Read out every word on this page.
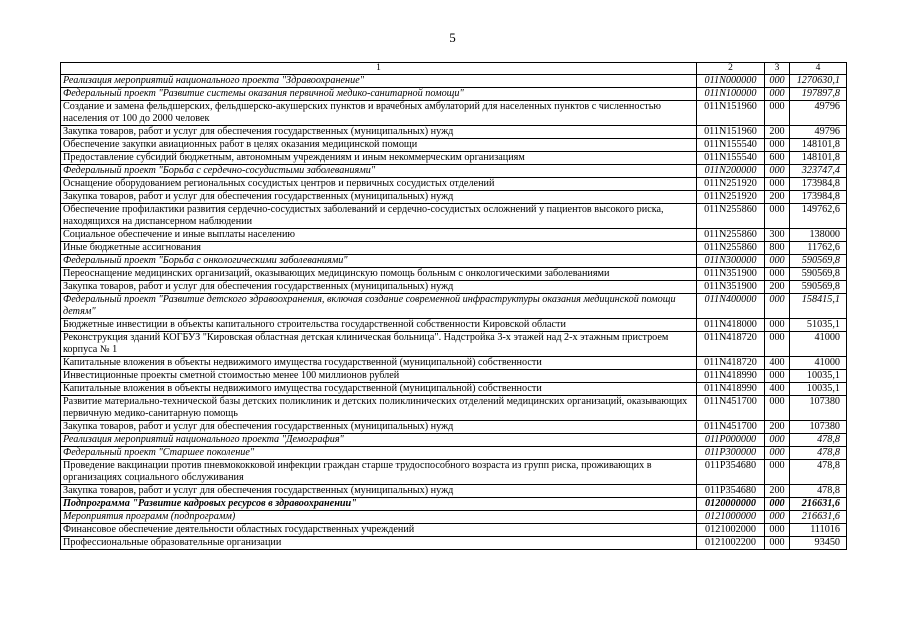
5
1	2	3	4
Реализация мероприятий национального проекта "Здравоохранение"	011N000000	000	1270630,1
Федеральный проект "Развитие системы оказания первичной медико-санитарной помощи"	011N100000	000	197897,8
Создание и замена фельдшерских, фельдшерско-акушерских пунктов и врачебных амбулаторий для населенных пунктов с численностью населения от 100 до 2000 человек	011N151960	000	49796
Закупка товаров, работ и услуг для обеспечения государственных (муниципальных) нужд	011N151960	200	49796
Обеспечение закупки авиационных работ в целях оказания медицинской помощи	011N155540	000	148101,8
Предоставление субсидий бюджетным, автономным учреждениям и иным некоммерческим организациям	011N155540	600	148101,8
Федеральный проект "Борьба с сердечно-сосудистыми заболеваниями"	011N200000	000	323747,4
Оснащение оборудованием региональных сосудистых центров и первичных сосудистых отделений	011N251920	000	173984,8
Закупка товаров, работ и услуг для обеспечения государственных (муниципальных) нужд	011N251920	200	173984,8
Обеспечение профилактики развития сердечно-сосудистых заболеваний и сердечно-сосудистых осложнений у пациентов высокого риска, находящихся на диспансерном наблюдении	011N255860	000	149762,6
Социальное обеспечение и иные выплаты населению	011N255860	300	138000
Иные бюджетные ассигнования	011N255860	800	11762,6
Федеральный проект "Борьба с онкологическими заболеваниями"	011N300000	000	590569,8
Переоснащение медицинских организаций, оказывающих медицинскую помощь больным с онкологическими заболеваниями	011N351900	000	590569,8
Закупка товаров, работ и услуг для обеспечения государственных (муниципальных) нужд	011N351900	200	590569,8
Федеральный проект "Развитие детского здравоохранения, включая создание современной инфраструктуры оказания медицинской помощи детям"	011N400000	000	158415,1
Бюджетные инвестиции в объекты капитального строительства государственной собственности Кировской области	011N418000	000	51035,1
Реконструкция зданий КОГБУЗ "Кировская областная детская клиническая больница". Надстройка 3-х этажей над 2-х этажным пристроем корпуса № 1	011N418720	000	41000
Капитальные вложения в объекты недвижимого имущества государственной (муниципальной) собственности	011N418720	400	41000
Инвестиционные проекты сметной стоимостью менее 100 миллионов рублей	011N418990	000	10035,1
Капитальные вложения в объекты недвижимого имущества государственной (муниципальной) собственности	011N418990	400	10035,1
Развитие материально-технической базы детских поликлиник и детских поликлинических отделений медицинских организаций, оказывающих первичную медико-санитарную помощь	011N451700	000	107380
Закупка товаров, работ и услуг для обеспечения государственных (муниципальных) нужд	011N451700	200	107380
Реализация мероприятий национального проекта "Демография"	011P000000	000	478,8
Федеральный проект "Старшее поколение"	011P300000	000	478,8
Проведение вакцинации против пневмококковой инфекции граждан старше трудоспособного возраста из групп риска, проживающих в организациях социального обслуживания	011P354680	000	478,8
Закупка товаров, работ и услуг для обеспечения государственных (муниципальных) нужд	011P354680	200	478,8
Подпрограмма "Развитие кадровых ресурсов в здравоохранении"	0120000000	000	216631,6
Мероприятия программ (подпрограмм)	0121000000	000	216631,6
Финансовое обеспечение деятельности областных государственных учреждений	0121002000	000	111016
Профессиональные образовательные организации	0121002200	000	93450
